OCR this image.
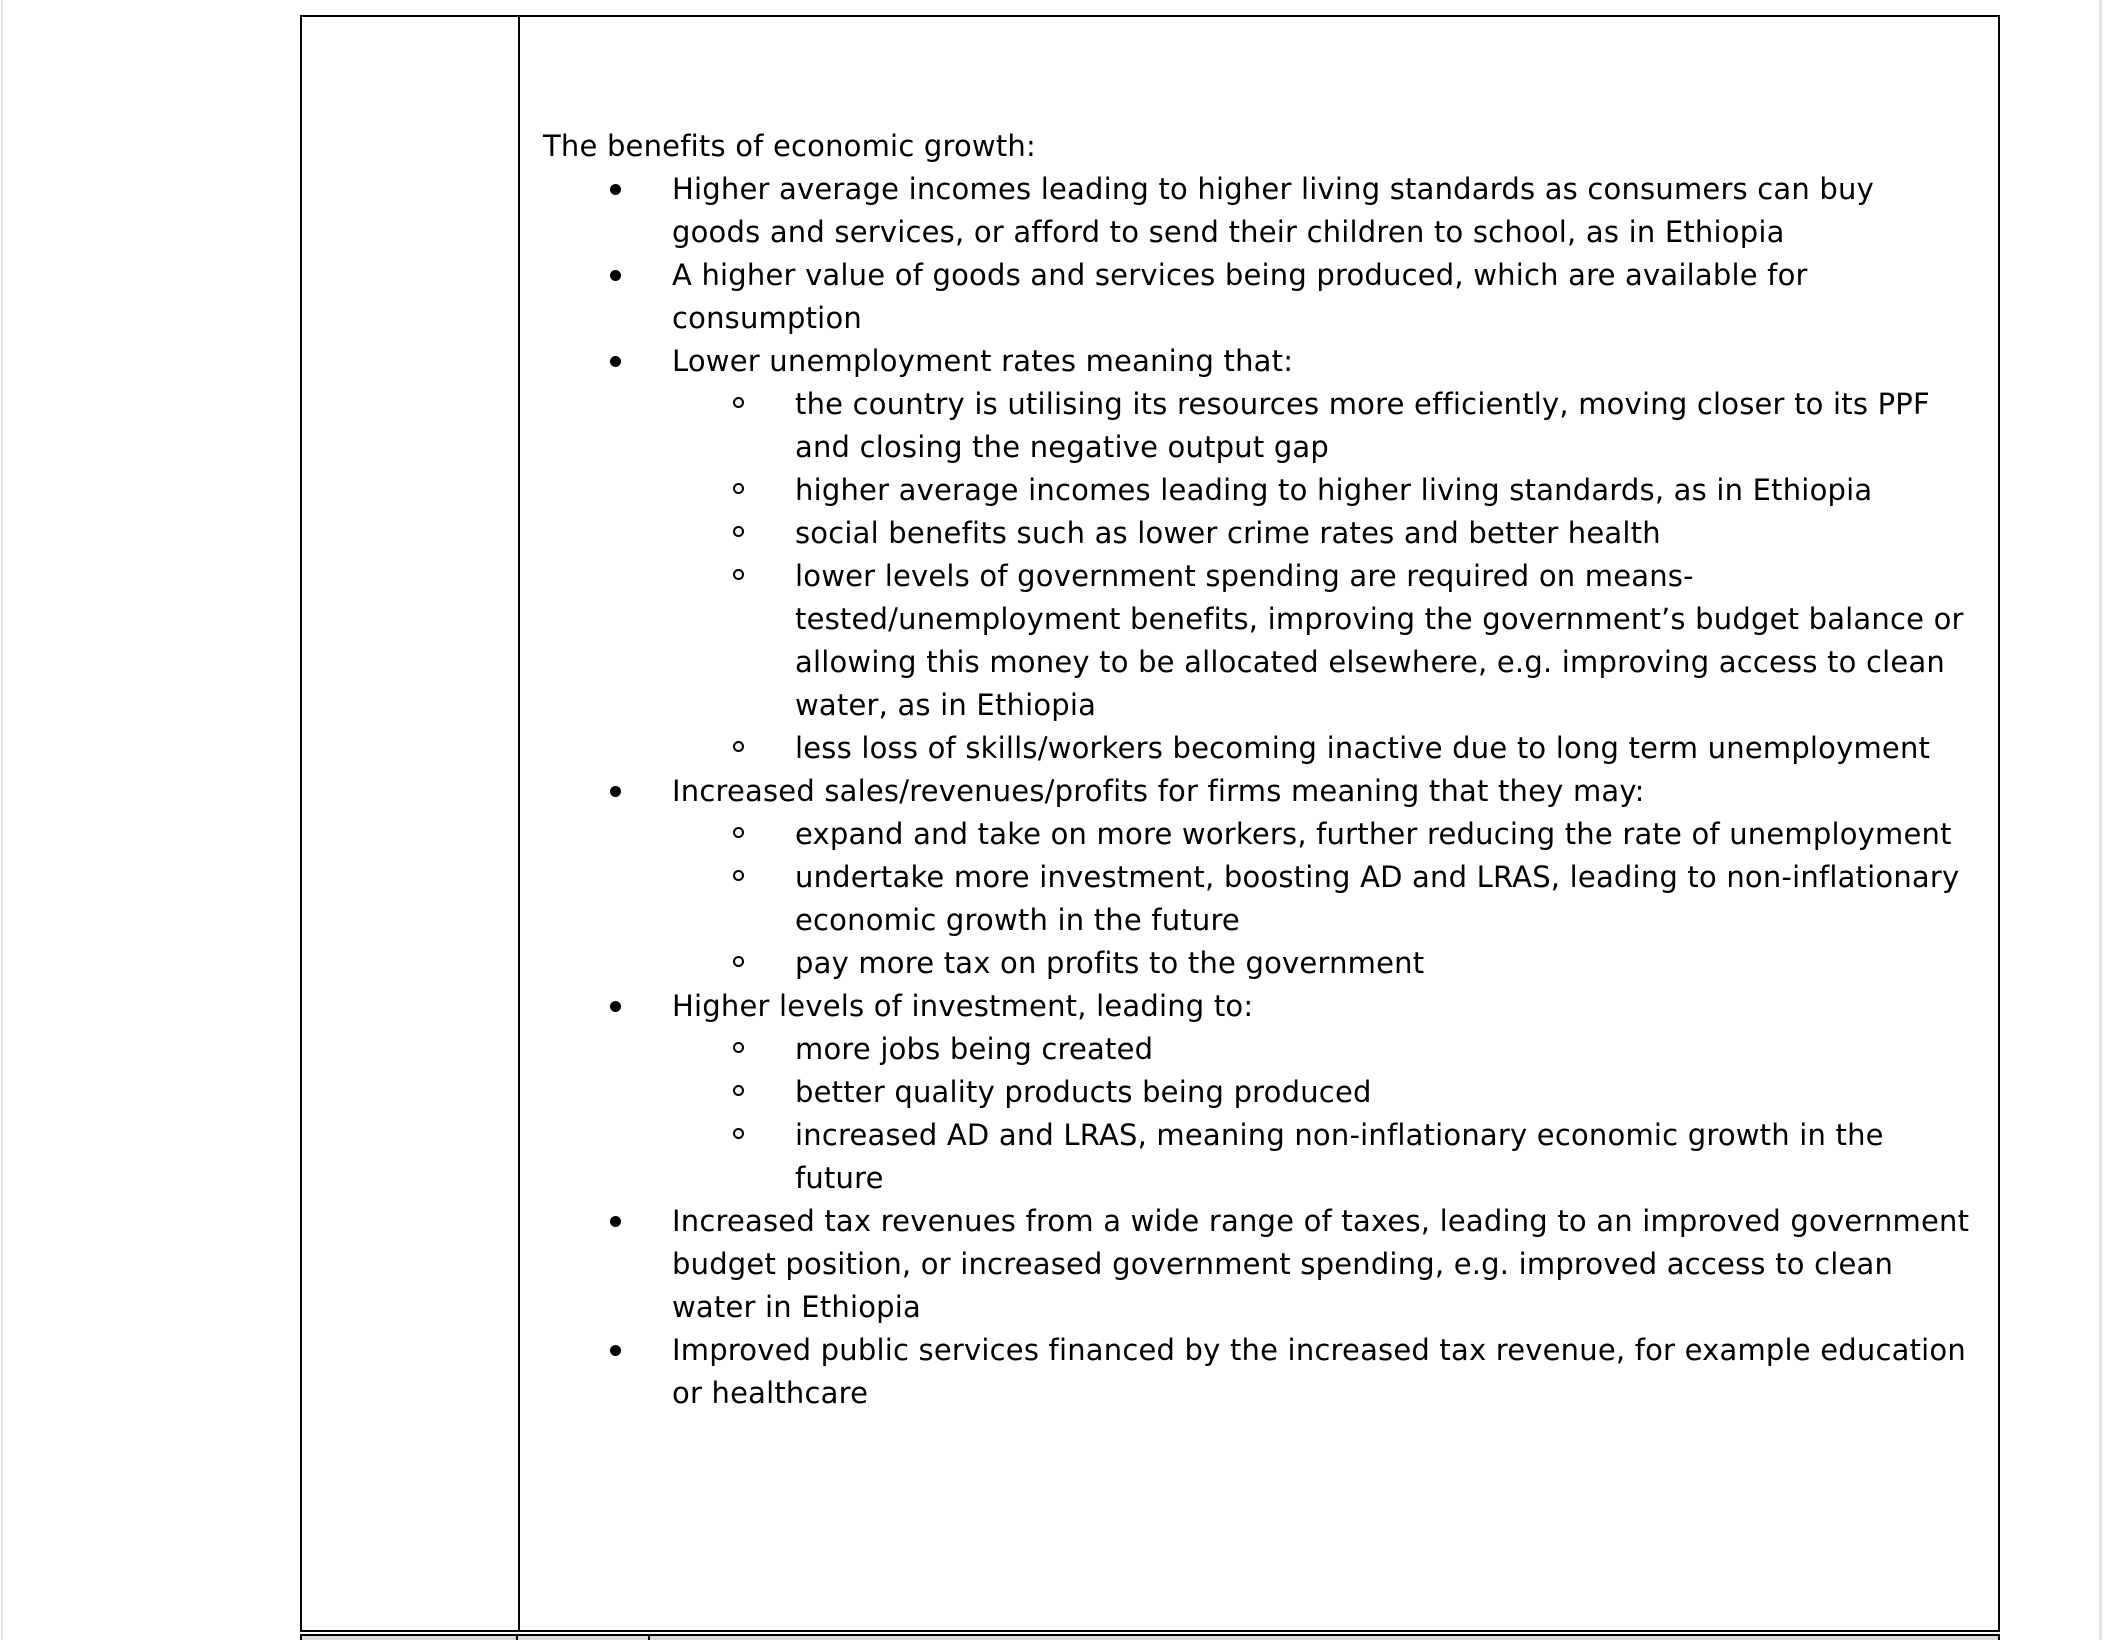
The benefits of economic growth:
Higher average incomes leading to higher living standards as consumers can buy goods and services, or afford to send their children to school, as in Ethiopia
A higher value of goods and services being produced, which are available for consumption
Lower unemployment rates meaning that:
the country is utilising its resources more efficiently, moving closer to its PPF and closing the negative output gap
higher average incomes leading to higher living standards, as in Ethiopia
social benefits such as lower crime rates and better health
lower levels of government spending are required on means-tested/unemployment benefits, improving the government’s budget balance or allowing this money to be allocated elsewhere, e.g. improving access to clean water, as in Ethiopia
less loss of skills/workers becoming inactive due to long term unemployment
Increased sales/revenues/profits for firms meaning that they may:
expand and take on more workers, further reducing the rate of unemployment
undertake more investment, boosting AD and LRAS, leading to non-inflationary economic growth in the future
pay more tax on profits to the government
Higher levels of investment, leading to:
more jobs being created
better quality products being produced
increased AD and LRAS, meaning non-inflationary economic growth in the future
Increased tax revenues from a wide range of taxes, leading to an improved government budget position, or increased government spending, e.g. improved access to clean water in Ethiopia
Improved public services financed by the increased tax revenue, for example education or healthcare
